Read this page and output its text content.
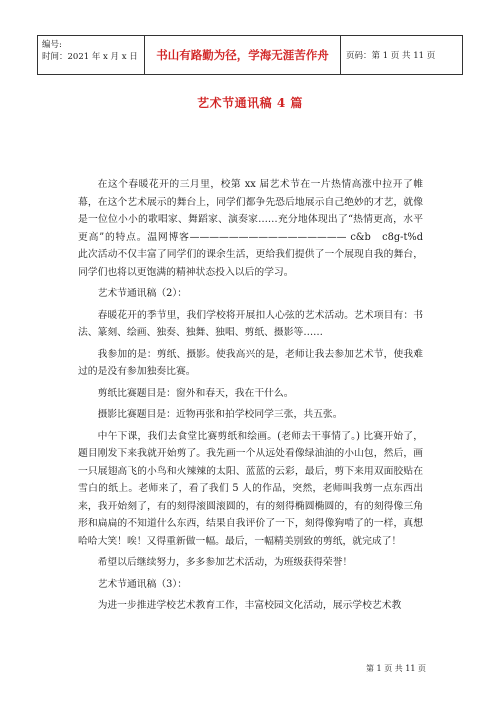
编号:
时间：2021 年 x 月 x 日	书山有路勤为径，学海无涯苦作舟	页码：第 1 页 共 11 页
艺术节通讯稿 4 篇

在这个春暖花开的三月里，校第 xx 届艺术节在一片热情高涨中拉开了帷幕，在这个艺术展示的舞台上，同学们都争先恐后地展示自己绝妙的才艺，就像是一位位小小的歌唱家、舞蹈家、演奏家……充分地体现出了“热情更高，水平更高”的特点。温网博客———————————————— c&b　c8g-t%d 此次活动不仅丰富了同学们的课余生活，更给我们提供了一个展现自我的舞台，同学们也将以更饱满的精神状态投入以后的学习。

艺术节通讯稿（2）：

春暖花开的季节里，我们学校将开展扣人心弦的艺术活动。艺术项目有：书法、篆刻、绘画、独奏、独舞、独唱、剪纸、摄影等……

我参加的是：剪纸、摄影。使我高兴的是，老师让我去参加艺术节，使我难过的是没有参加独奏比赛。

剪纸比赛题目是：窗外和春天，我在干什么。

摄影比赛题目是：近物再张和拍学校同学三张，共五张。

中午下课，我们去食堂比赛剪纸和绘画。(老师去干事情了。) 比赛开始了，题目刚发下来我就开始剪了。我先画一个从远处看像绿油油的小山包，然后，画一只展翅高飞的小鸟和火辣辣的太阳、蓝蓝的云彩，最后，剪下来用双面胶贴在雪白的纸上。老师来了，看了我们 5 人的作品，突然，老师叫我剪一点东西出来，我开始刻了，有的刻得滚圆滚圆的，有的刻得椭圆椭圆的，有的刻得像三角形和扁扁的不知道什么东西，结果自我评价了一下，刻得像狗啃了的一样，真想哈哈大笑！唉！又得重新做一幅。最后，一幅精美别致的剪纸，就完成了！

希望以后继续努力，多多参加艺术活动，为班级获得荣誉！

艺术节通讯稿（3）：

为进一步推进学校艺术教育工作，丰富校园文化活动，展示学校艺术教

第 1 页 共 11 页
